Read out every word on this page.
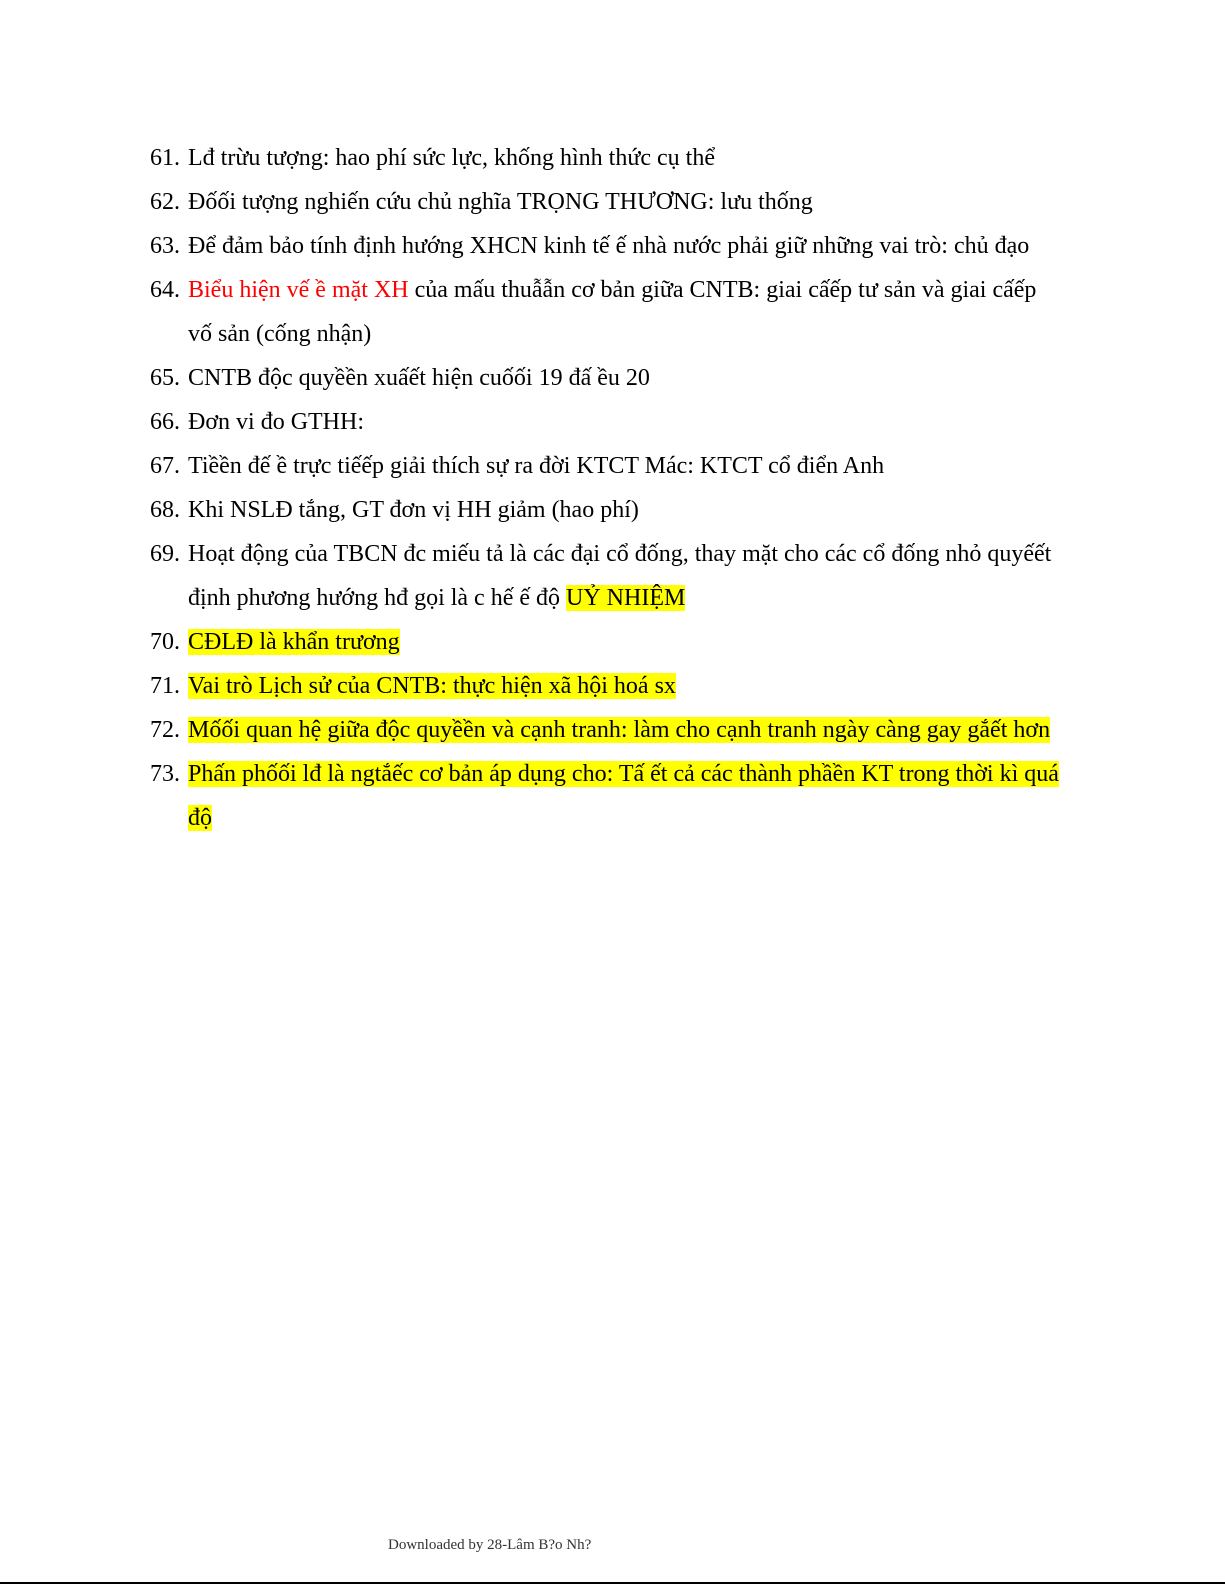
61. Lđ trừu tượng: hao phí sức lực, khống hình thức cụ thể
62. Đốối tượng nghiến cứu chủ nghĩa TRỌNG THƯƠNG: lưu thống
63. Để đảm bảo tính định hướng XHCN kinh tế ế nhà nước phải giữ những vai trò: chủ đạo
64. Biểu hiện vế ề mặt XH của mấu thuẫẫn cơ bản giữa CNTB: giai cấếp tư sản và giai cấếp vố sản (cống nhận)
65. CNTB độc quyềền xuấết hiện cuốối 19 đấ ều 20
66. Đơn vi đo GTHH:
67. Tiềền đế ề trực tiếếp giải thích sự ra đời KTCT Mác: KTCT cổ điển Anh
68. Khi NSLĐ tắng, GT đơn vị HH giảm (hao phí)
69. Hoạt động của TBCN đc miếu tả là các đại cổ đống, thay mặt cho các cổ đống nhỏ quyếết định phương hướng hđ gọi là c hế ế độ UỶ NHIỆM
70. CĐLĐ là khẩn trương
71. Vai trò Lịch sử của CNTB: thực hiện xã hội hoá sx
72. Mốối quan hệ giữa độc quyềền và cạnh tranh: làm cho cạnh tranh ngày càng gay gắết hơn
73. Phấn phốối lđ là ngtắếc cơ bản áp dụng cho: Tấ ết cả các thành phầền KT trong thời kì quá độ
Downloaded by 28-Lâm B?o Nh?
